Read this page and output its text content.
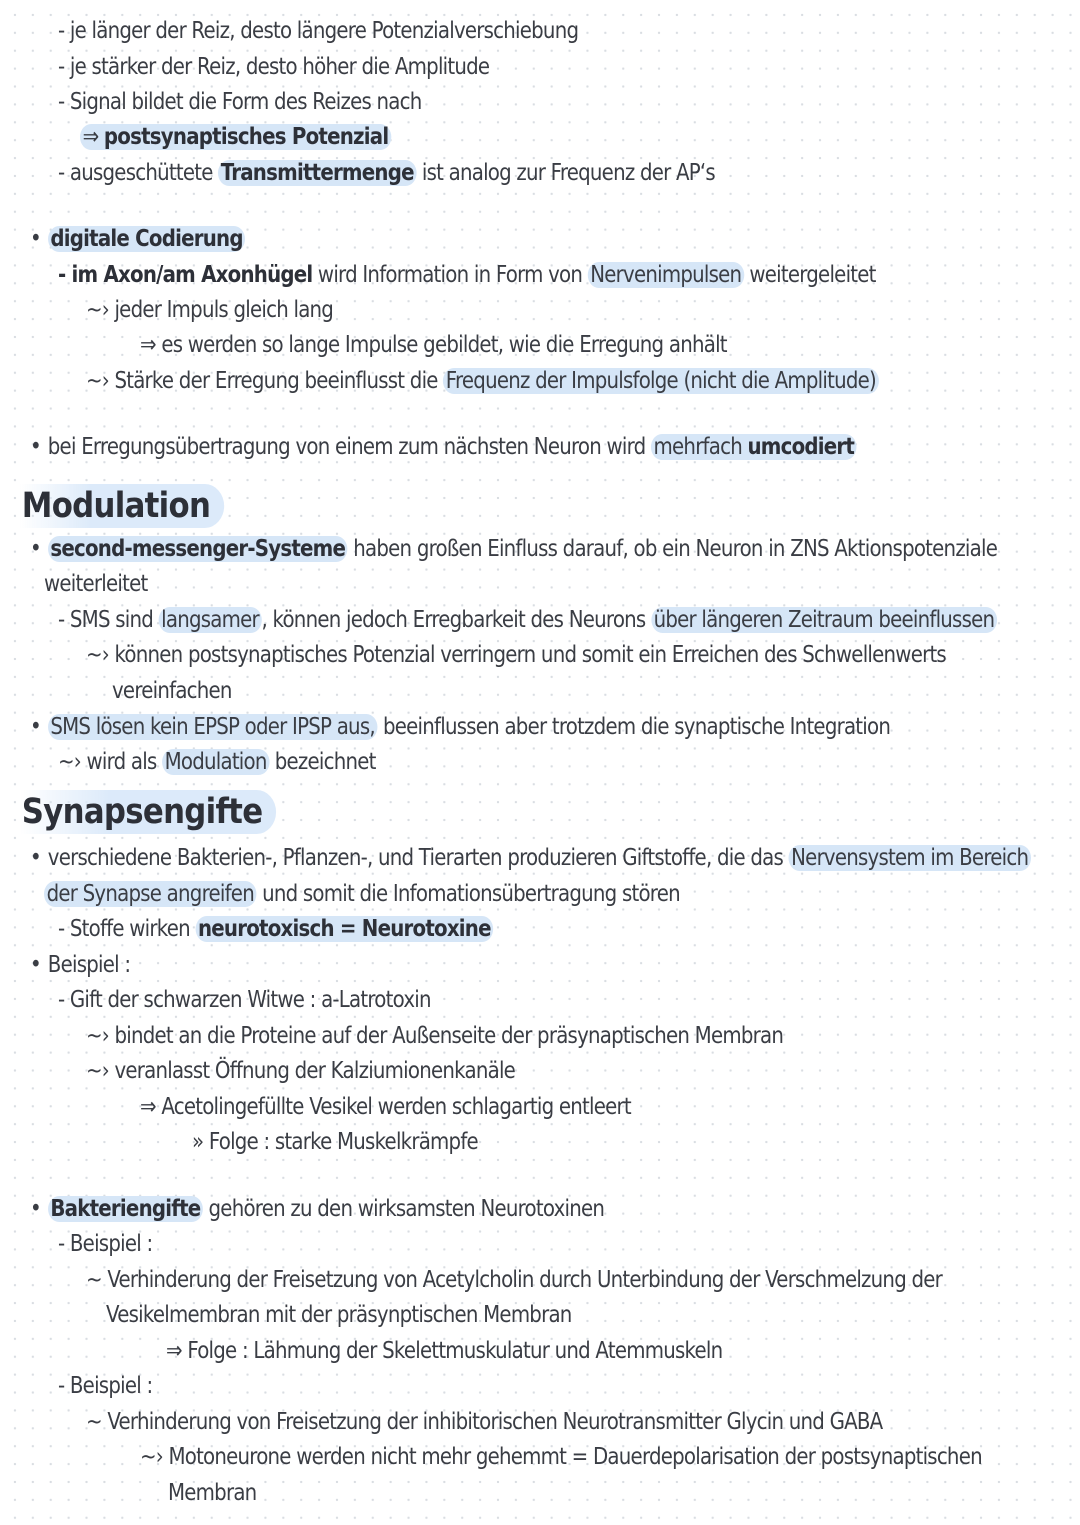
- je länger der Reiz, desto längere Potenzialverschiebung
- je stärker der Reiz, desto höher die Amplitude
- Signal bildet die Form des Reizes nach
⇒ postsynaptisches Potenzial
- ausgeschüttete Transmittermenge ist analog zur Frequenz der AP‘s
• digitale Codierung
- im Axon/am Axonhügel wird Information in Form von Nervenimpulsen weitergeleitet
~› jeder Impuls gleich lang
⇒ es werden so lange Impulse gebildet, wie die Erregung anhält
~› Stärke der Erregung beeinflusst die Frequenz der Impulsfolge (nicht die Amplitude)
• bei Erregungsübertragung von einem zum nächsten Neuron wird mehrfach umcodiert
Modulation
• second-messenger-Systeme haben großen Einfluss darauf, ob ein Neuron in ZNS Aktionspotenziale
weiterleitet
- SMS sind langsamer , können jedoch Erregbarkeit des Neurons über längeren Zeitraum beeinflussen
~› können postsynaptisches Potenzial verringern und somit ein Erreichen des Schwellenwerts
vereinfachen
• SMS lösen kein EPSP oder IPSP aus, beeinflussen aber trotzdem die synaptische Integration
~› wird als Modulation bezeichnet
Synapsengifte
• verschiedene Bakterien-, Pflanzen-, und Tierarten produzieren Giftstoffe, die das Nervensystem im Bereich
der Synapse angreifen und somit die Infomationsübertragung stören
- Stoffe wirken neurotoxisch = Neurotoxine
• Beispiel :
- Gift der schwarzen Witwe : a-Latrotoxin
~› bindet an die Proteine auf der Außenseite der präsynaptischen Membran
~› veranlasst Öffnung der Kalziumionenkanäle
⇒ Acetolingefüllte Vesikel werden schlagartig entleert
» Folge : starke Muskelkrämpfe
• Bakteriengifte gehören zu den wirksamsten Neurotoxinen
- Beispiel :
~ Verhinderung der Freisetzung von Acetylcholin durch Unterbindung der Verschmelzung der
Vesikelmembran mit der präsynptischen Membran
⇒ Folge : Lähmung der Skelettmuskulatur und Atemmuskeln
- Beispiel :
~ Verhinderung von Freisetzung der inhibitorischen Neurotransmitter Glycin und GABA
~› Motoneurone werden nicht mehr gehemmt = Dauerdepolarisation der postsynaptischen
Membran
